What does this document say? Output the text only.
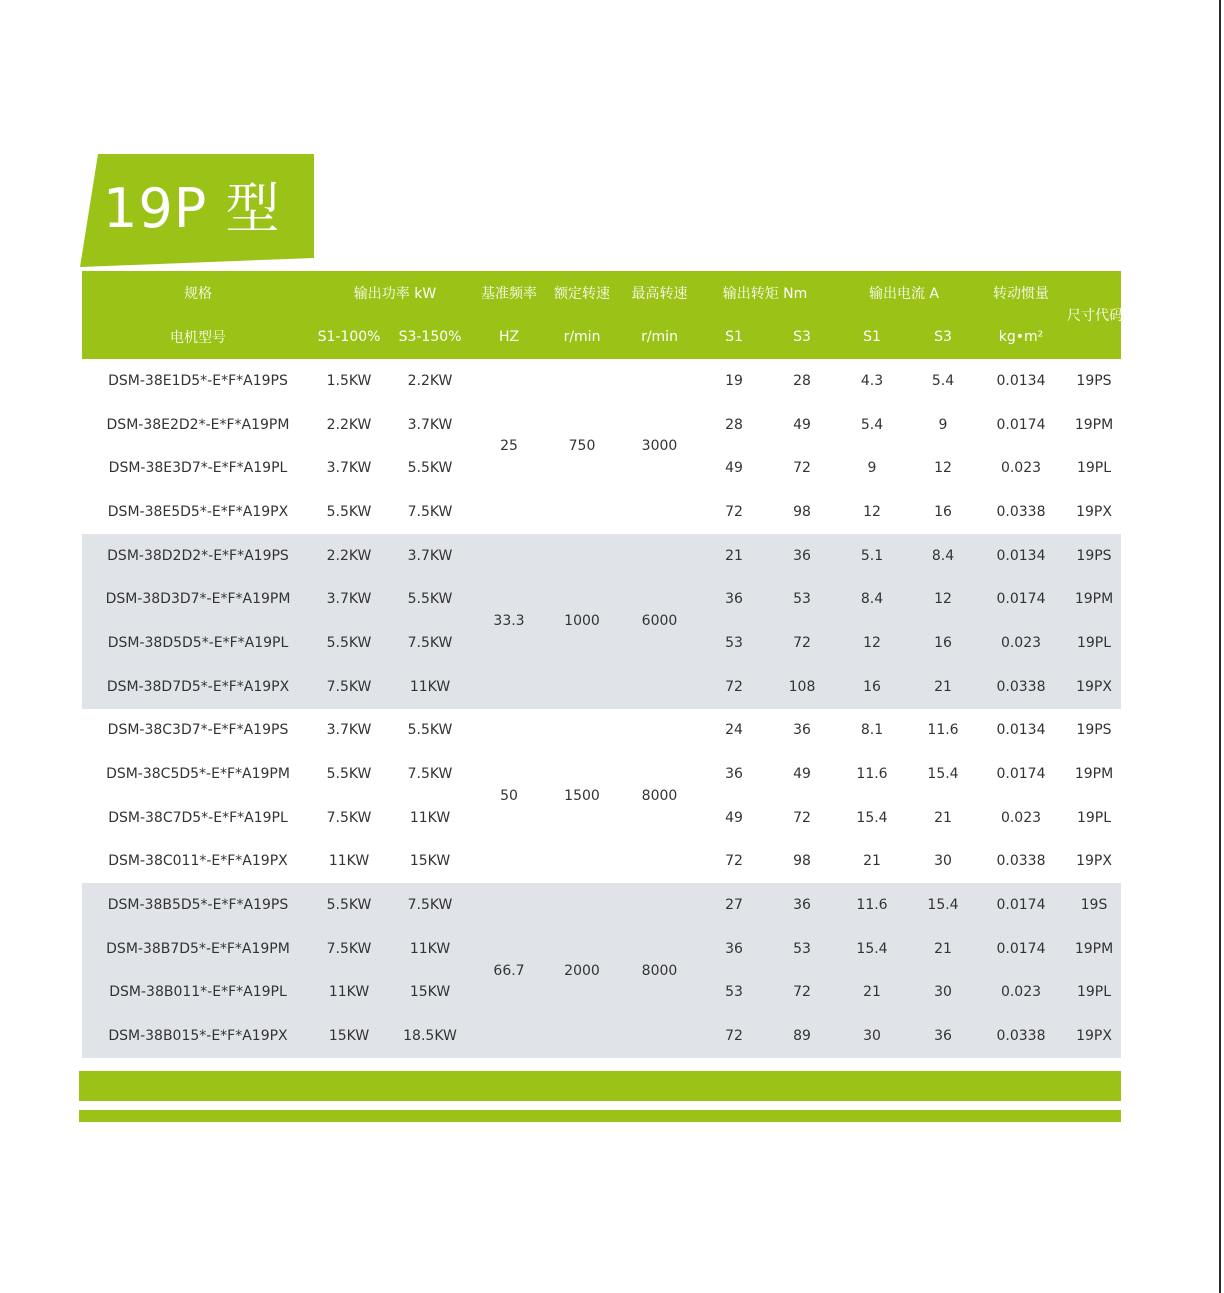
19P 型
规格	输出功率 kW		基准频率	额定转速	最高转速	输出转矩 Nm		输出电流 A		转动惯量	尺寸代码
电机型号	S1-100%	S3-150%	HZ	r/min	r/min	S1	S3	S1	S3	kg•m²	
DSM-38E1D5*-E*F*A19PS	1.5KW	2.2KW	25	750	3000	19	28	4.3	5.4	0.0134	19PS
DSM-38E2D2*-E*F*A19PM	2.2KW	3.7KW				28	49	5.4	9	0.0174	19PM
DSM-38E3D7*-E*F*A19PL	3.7KW	5.5KW				49	72	9	12	0.023	19PL
DSM-38E5D5*-E*F*A19PX	5.5KW	7.5KW				72	98	12	16	0.0338	19PX
DSM-38D2D2*-E*F*A19PS	2.2KW	3.7KW	33.3	1000	6000	21	36	5.1	8.4	0.0134	19PS
DSM-38D3D7*-E*F*A19PM	3.7KW	5.5KW				36	53	8.4	12	0.0174	19PM
DSM-38D5D5*-E*F*A19PL	5.5KW	7.5KW				53	72	12	16	0.023	19PL
DSM-38D7D5*-E*F*A19PX	7.5KW	11KW				72	108	16	21	0.0338	19PX
DSM-38C3D7*-E*F*A19PS	3.7KW	5.5KW	50	1500	8000	24	36	8.1	11.6	0.0134	19PS
DSM-38C5D5*-E*F*A19PM	5.5KW	7.5KW				36	49	11.6	15.4	0.0174	19PM
DSM-38C7D5*-E*F*A19PL	7.5KW	11KW				49	72	15.4	21	0.023	19PL
DSM-38C011*-E*F*A19PX	11KW	15KW				72	98	21	30	0.0338	19PX
DSM-38B5D5*-E*F*A19PS	5.5KW	7.5KW	66.7	2000	8000	27	36	11.6	15.4	0.0174	19S
DSM-38B7D5*-E*F*A19PM	7.5KW	11KW				36	53	15.4	21	0.0174	19PM
DSM-38B011*-E*F*A19PL	11KW	15KW				53	72	21	30	0.023	19PL
DSM-38B015*-E*F*A19PX	15KW	18.5KW				72	89	30	36	0.0338	19PX
